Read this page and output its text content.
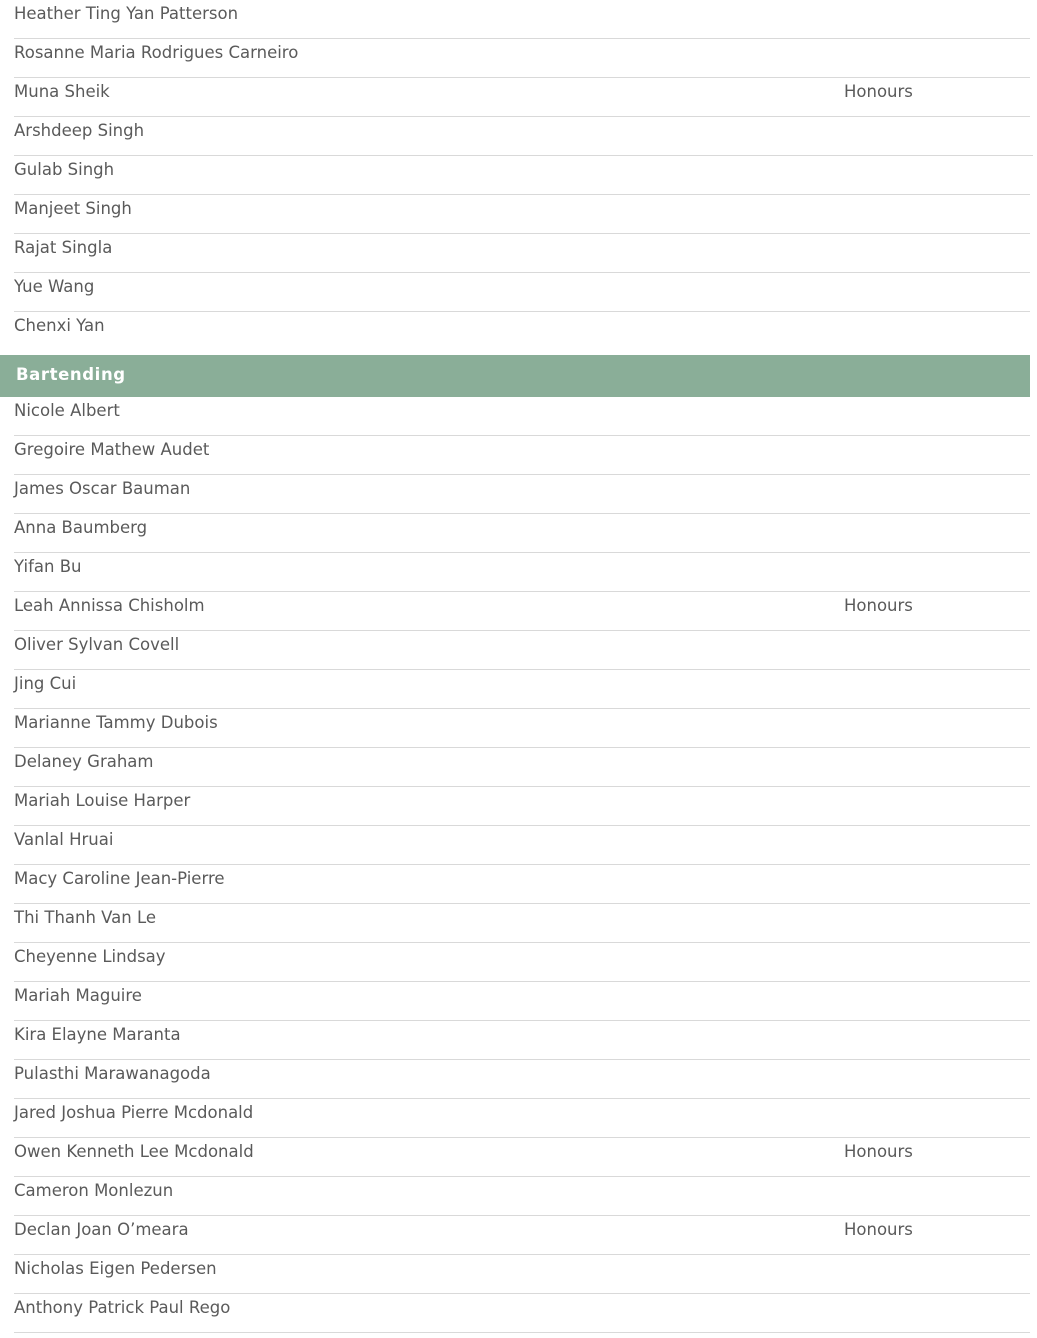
Heather Ting Yan Patterson
Rosanne Maria Rodrigues Carneiro
Muna Sheik	Honours
Arshdeep Singh
Gulab Singh
Manjeet Singh
Rajat Singla
Yue Wang
Chenxi Yan
Bartending
Nicole Albert
Gregoire Mathew Audet
James Oscar Bauman
Anna Baumberg
Yifan Bu
Leah Annissa Chisholm	Honours
Oliver Sylvan Covell
Jing Cui
Marianne Tammy Dubois
Delaney Graham
Mariah Louise Harper
Vanlal Hruai
Macy Caroline Jean-Pierre
Thi Thanh Van Le
Cheyenne Lindsay
Mariah Maguire
Kira Elayne Maranta
Pulasthi Marawanagoda
Jared Joshua Pierre Mcdonald
Owen Kenneth Lee Mcdonald	Honours
Cameron Monlezun
Declan Joan O’meara	Honours
Nicholas Eigen Pedersen
Anthony Patrick Paul Rego
